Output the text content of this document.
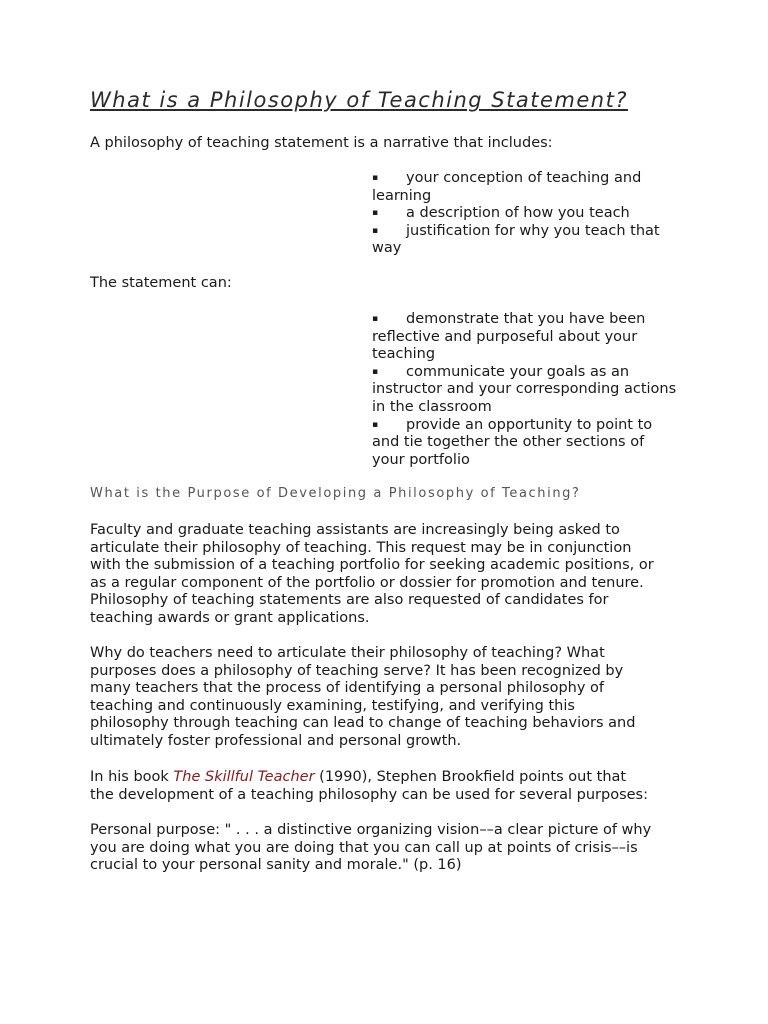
What is a Philosophy of Teaching Statement?

A philosophy of teaching statement is a narrative that includes:

▪ your conception of teaching and learning
▪ a description of how you teach
▪ justification for why you teach that way

The statement can:

▪ demonstrate that you have been reflective and purposeful about your teaching
▪ communicate your goals as an instructor and your corresponding actions in the classroom
▪ provide an opportunity to point to and tie together the other sections of your portfolio
What is the Purpose of Developing a Philosophy of Teaching?

Faculty and graduate teaching assistants are increasingly being asked to
articulate their philosophy of teaching. This request may be in conjunction
with the submission of a teaching portfolio for seeking academic positions, or
as a regular component of the portfolio or dossier for promotion and tenure.
Philosophy of teaching statements are also requested of candidates for
teaching awards or grant applications.

Why do teachers need to articulate their philosophy of teaching? What
purposes does a philosophy of teaching serve? It has been recognized by
many teachers that the process of identifying a personal philosophy of
teaching and continuously examining, testifying, and verifying this
philosophy through teaching can lead to change of teaching behaviors and
ultimately foster professional and personal growth.

In his book The Skillful Teacher (1990), Stephen Brookfield points out that
the development of a teaching philosophy can be used for several purposes:

Personal purpose: " . . . a distinctive organizing vision––a clear picture of why
you are doing what you are doing that you can call up at points of crisis––is
crucial to your personal sanity and morale." (p. 16)
